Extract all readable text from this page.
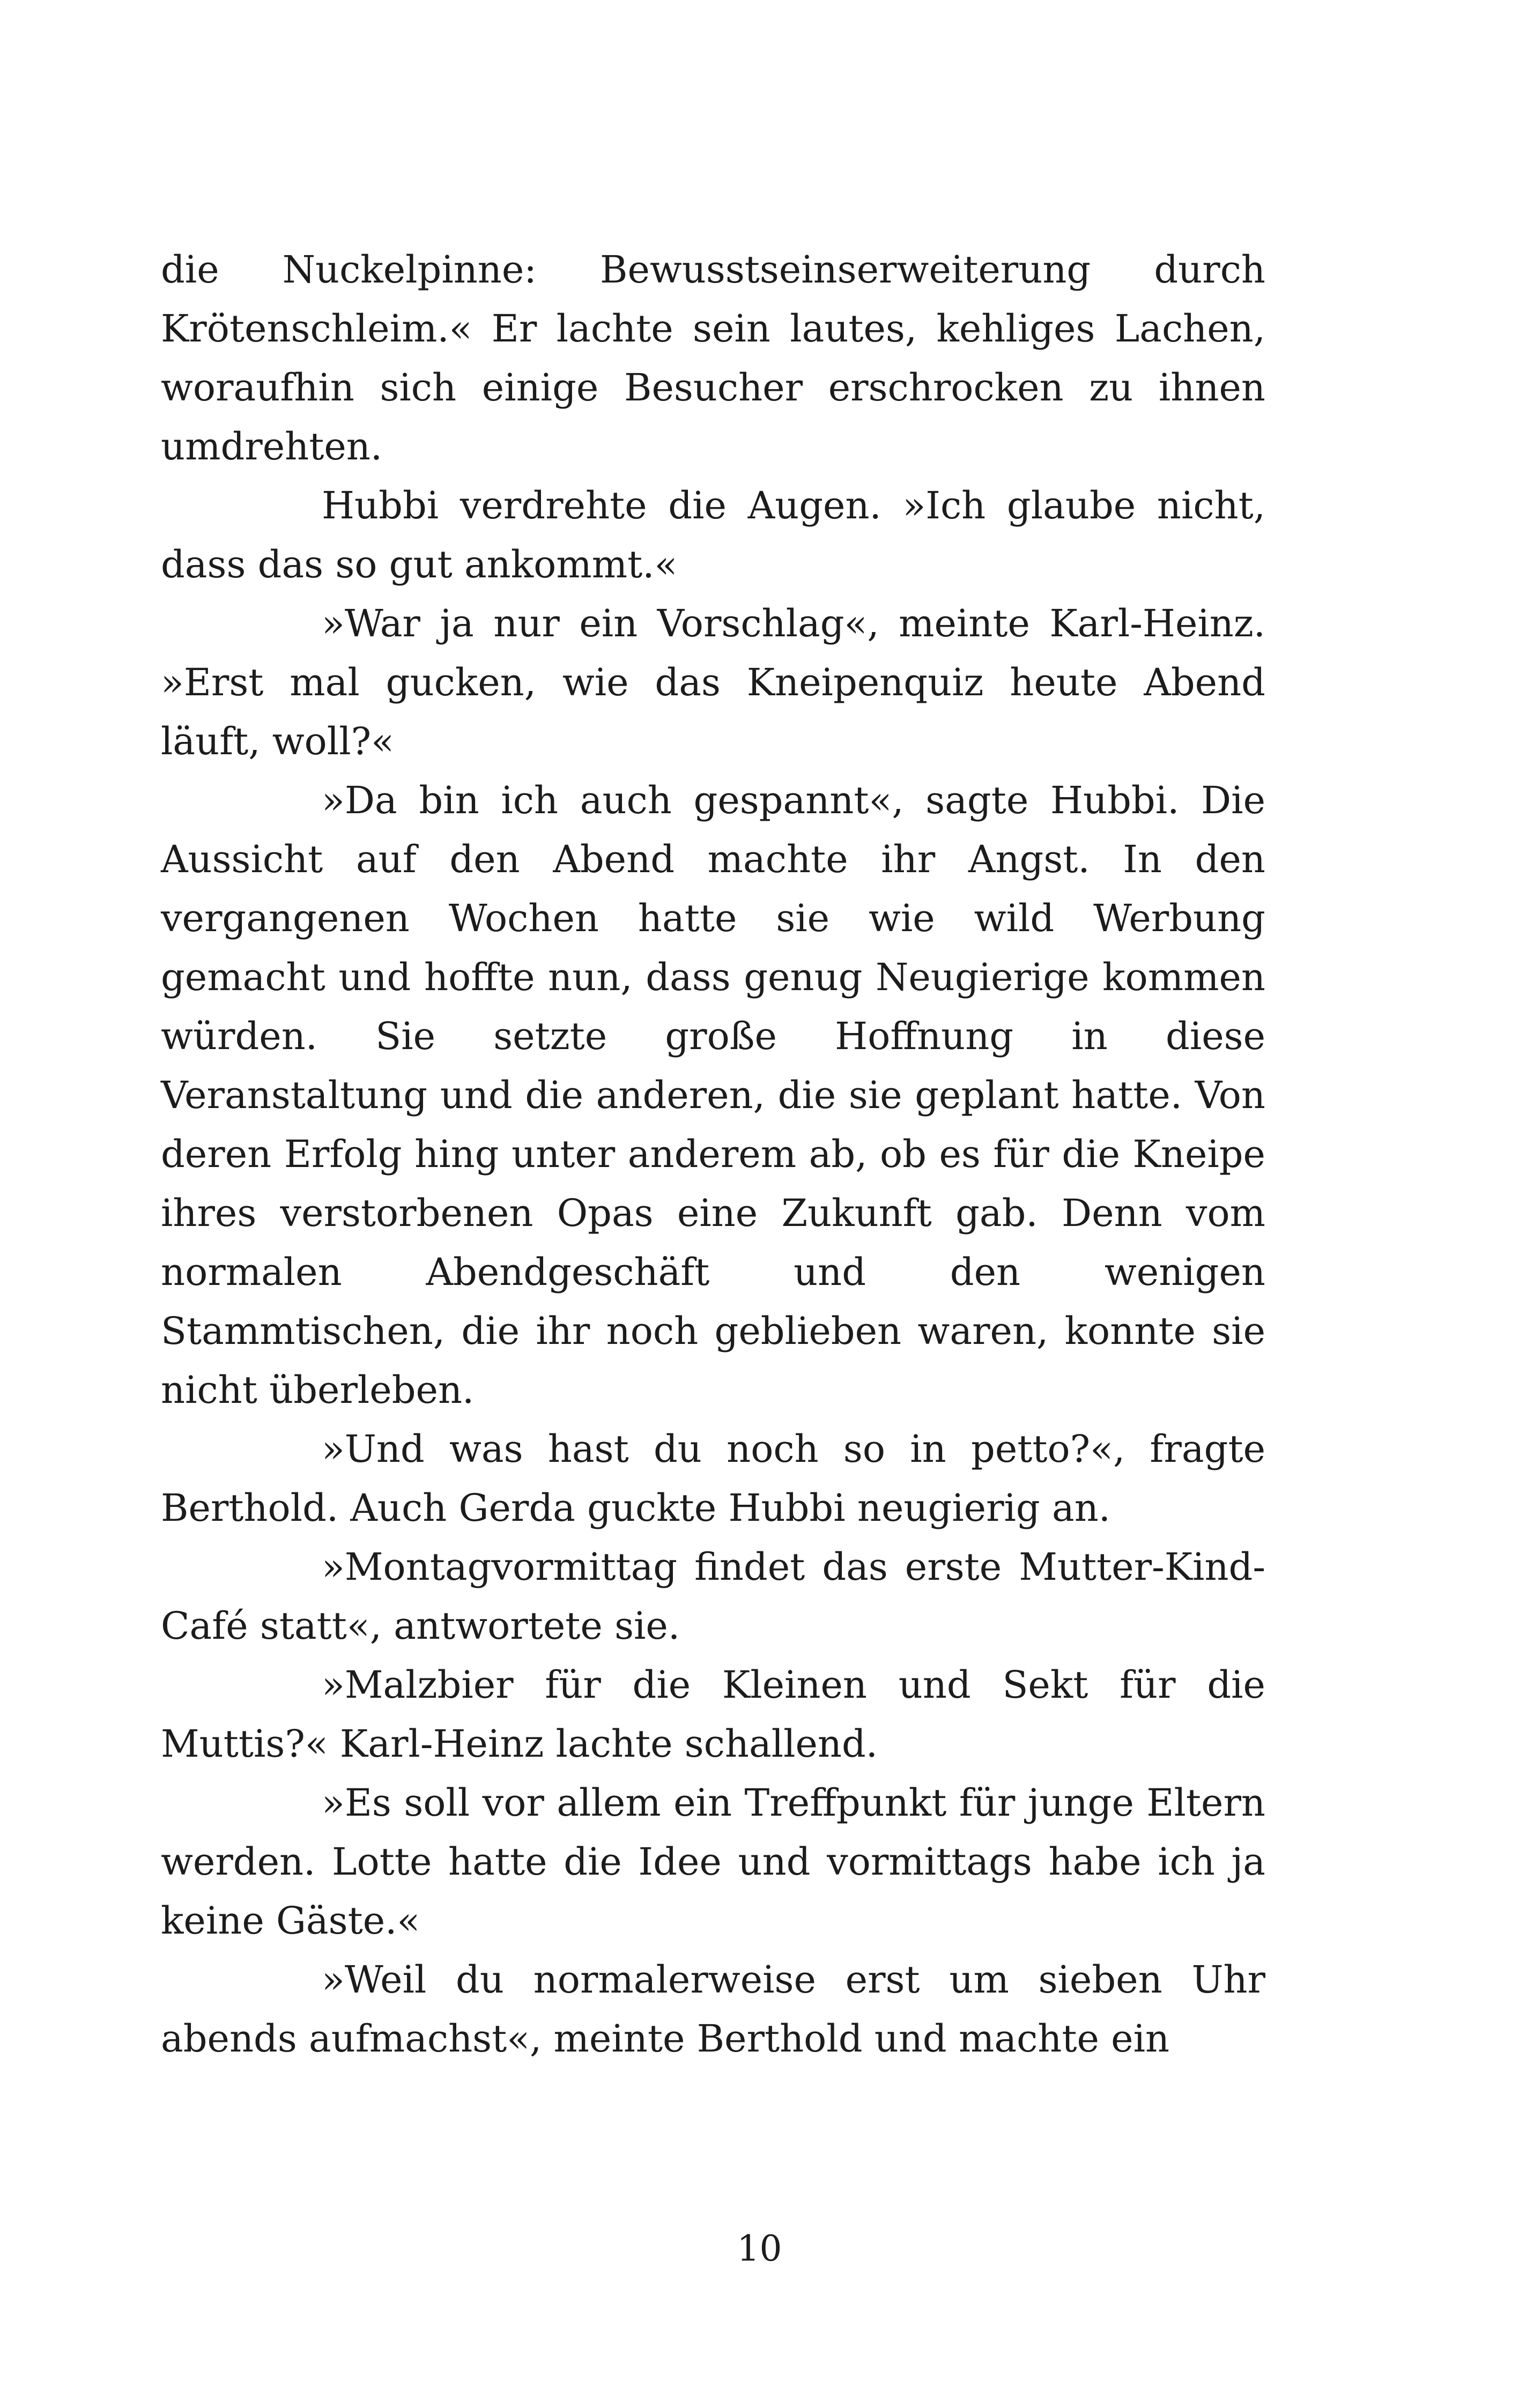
die Nuckelpinne: Bewusstseinserweiterung durch Krötenschleim.« Er lachte sein lautes, kehliges Lachen, woraufhin sich einige Besucher erschrocken zu ihnen umdrehten.

Hubbi verdrehte die Augen. »Ich glaube nicht, dass das so gut ankommt.«

»War ja nur ein Vorschlag«, meinte Karl-Heinz. »Erst mal gucken, wie das Kneipenquiz heute Abend läuft, woll?«

»Da bin ich auch gespannt«, sagte Hubbi. Die Aussicht auf den Abend machte ihr Angst. In den vergangenen Wochen hatte sie wie wild Werbung gemacht und hoffte nun, dass genug Neugierige kommen würden. Sie setzte große Hoffnung in diese Veranstaltung und die anderen, die sie geplant hatte. Von deren Erfolg hing unter anderem ab, ob es für die Kneipe ihres verstorbenen Opas eine Zukunft gab. Denn vom normalen Abendgeschäft und den wenigen Stammtischen, die ihr noch geblieben waren, konnte sie nicht überleben.

»Und was hast du noch so in petto?«, fragte Berthold. Auch Gerda guckte Hubbi neugierig an.

»Montagvormittag findet das erste Mutter-Kind-Café statt«, antwortete sie.

»Malzbier für die Kleinen und Sekt für die Muttis?« Karl-Heinz lachte schallend.

»Es soll vor allem ein Treffpunkt für junge Eltern werden. Lotte hatte die Idee und vormittags habe ich ja keine Gäste.«

»Weil du normalerweise erst um sieben Uhr abends aufmachst«, meinte Berthold und machte ein

10
